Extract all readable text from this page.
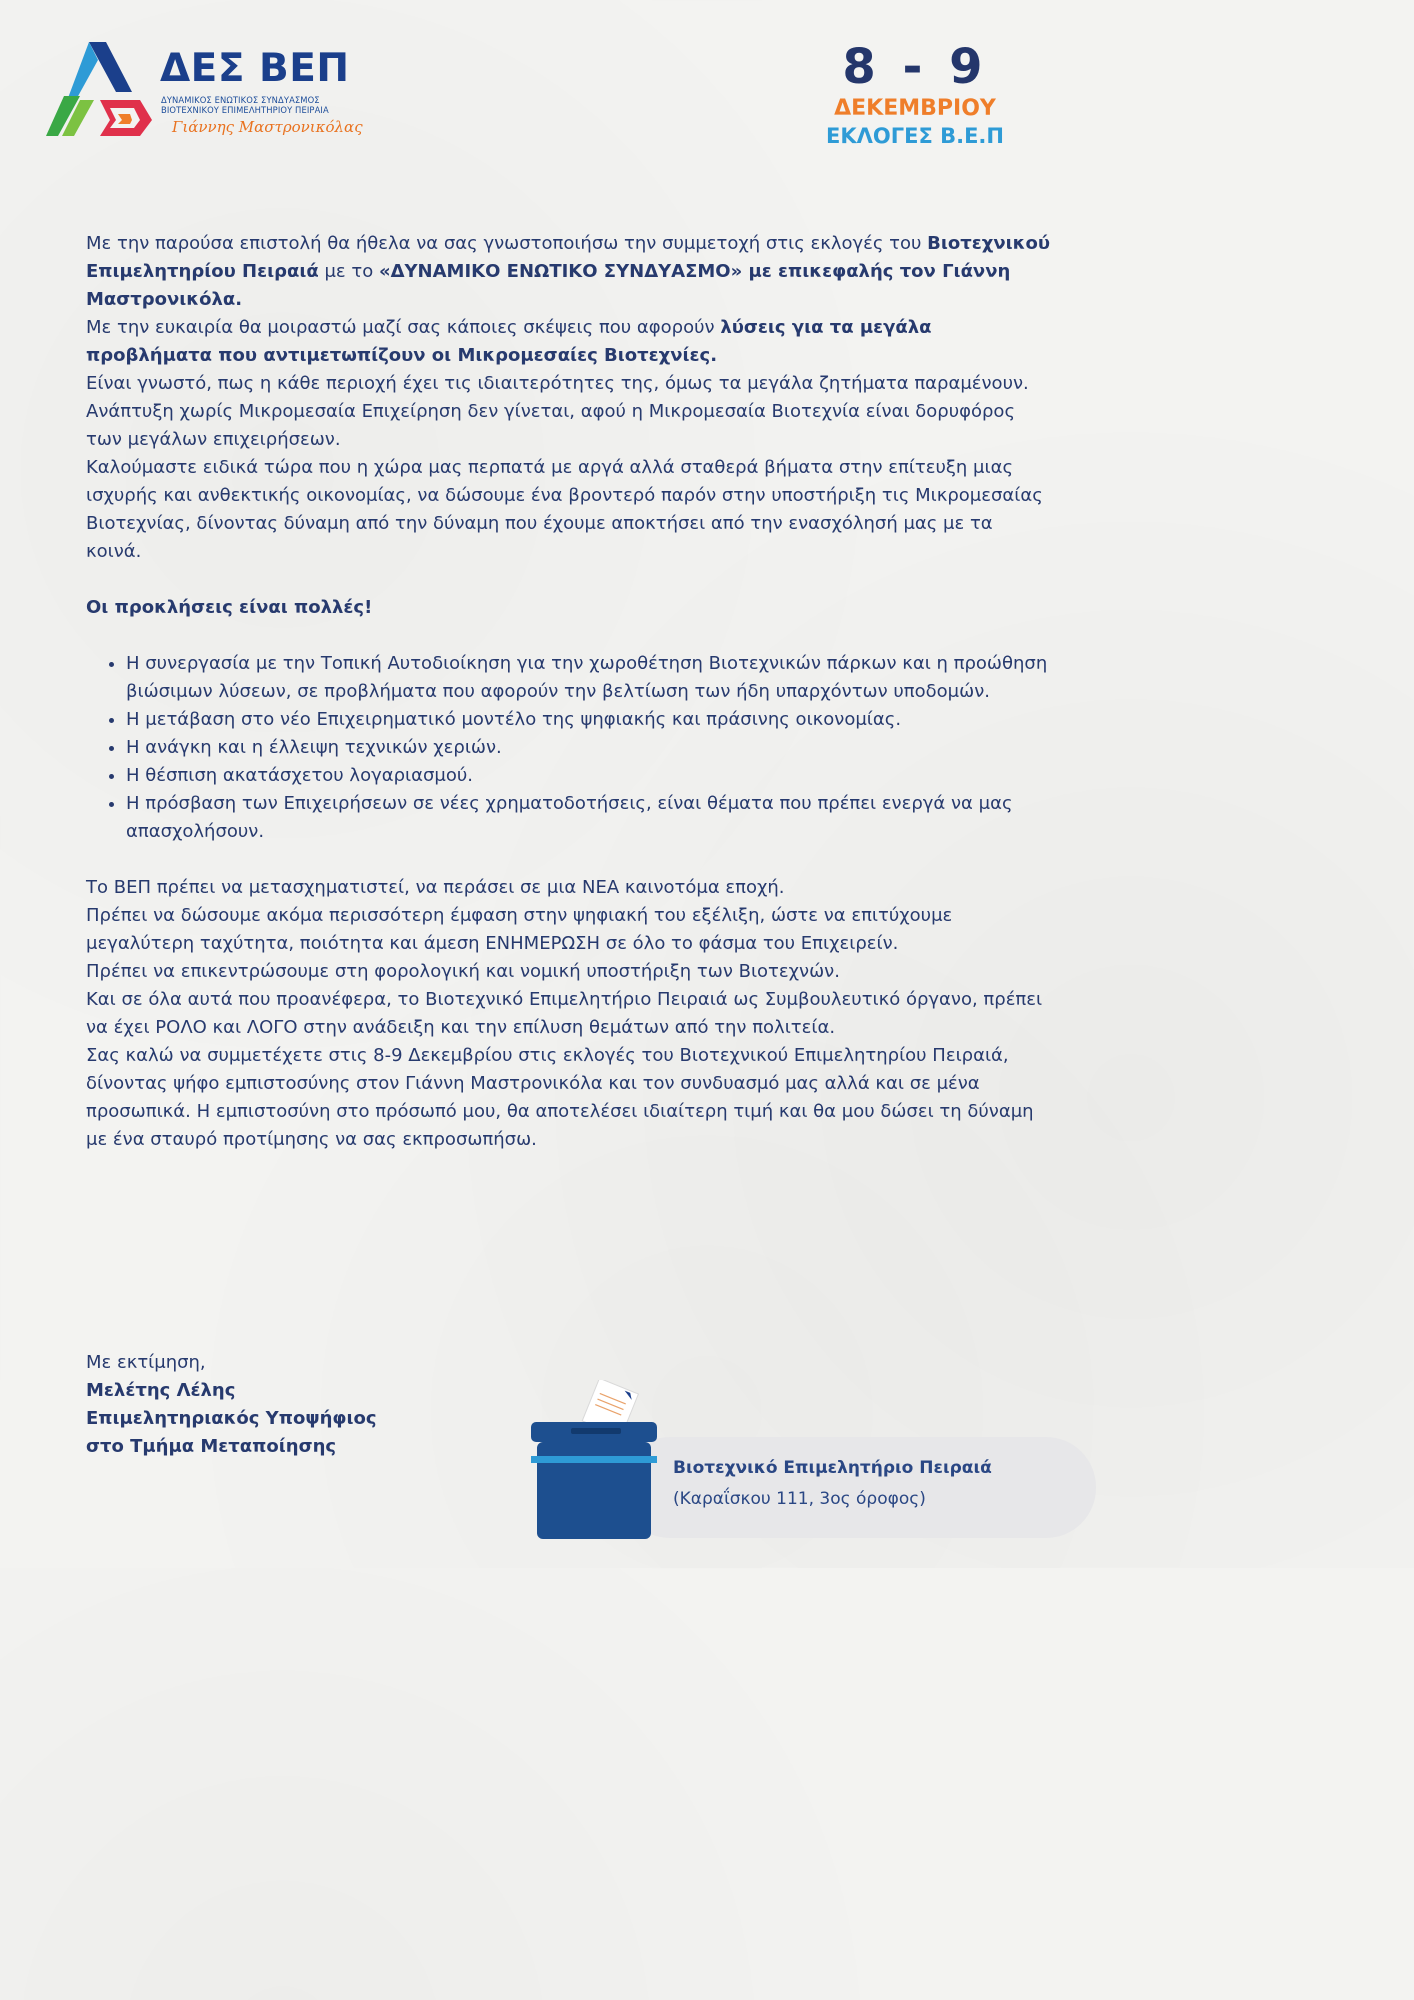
ΔΕΣ ΒΕΠ
ΔΥΝΑΜΙΚΟΣ ΕΝΩΤΙΚΟΣ ΣΥΝΔΥΑΣΜΟΣ
ΒΙΟΤΕΧΝΙΚΟΥ ΕΠΙΜΕΛΗΤΗΡΙΟΥ ΠΕΙΡΑΙΑ
Γιάννης Μαστρονικόλας
8 - 9
ΔΕΚΕΜΒΡΙΟΥ
ΕΚΛΟΓΕΣ Β.Ε.Π

Με την παρούσα επιστολή θα ήθελα να σας γνωστοποιήσω την συμμετοχή στις εκλογές του Βιοτεχνικού Επιμελητηρίου Πειραιά με το «ΔΥΝΑΜΙΚΟ ΕΝΩΤΙΚΟ ΣΥΝΔΥΑΣΜΟ» με επικεφαλής τον Γιάννη Μαστρονικόλα.

Με την ευκαιρία θα μοιραστώ μαζί σας κάποιες σκέψεις που αφορούν λύσεις για τα μεγάλα προβλήματα που αντιμετωπίζουν οι Μικρομεσαίες Βιοτεχνίες.

Είναι γνωστό, πως η κάθε περιοχή έχει τις ιδιαιτερότητες της, όμως τα μεγάλα ζητήματα παραμένουν.

Ανάπτυξη χωρίς Μικρομεσαία Επιχείρηση δεν γίνεται, αφού η Μικρομεσαία Βιοτεχνία είναι δορυφόρος των μεγάλων επιχειρήσεων.

Καλούμαστε ειδικά τώρα που η χώρα μας περπατά με αργά αλλά σταθερά βήματα στην επίτευξη μιας ισχυρής και ανθεκτικής οικονομίας, να δώσουμε ένα βροντερό παρόν στην υποστήριξη τις Μικρομεσαίας Βιοτεχνίας, δίνοντας δύναμη από την δύναμη που έχουμε αποκτήσει από την ενασχόλησή μας με τα κοινά.

Οι προκλήσεις είναι πολλές!

• Η συνεργασία με την Τοπική Αυτοδιοίκηση για την χωροθέτηση Βιοτεχνικών πάρκων και η προώθηση βιώσιμων λύσεων, σε προβλήματα που αφορούν την βελτίωση των ήδη υπαρχόντων υποδομών.
• Η μετάβαση στο νέο Επιχειρηματικό μοντέλο της ψηφιακής και πράσινης οικονομίας.
• Η ανάγκη και η έλλειψη τεχνικών χεριών.
• Η θέσπιση ακατάσχετου λογαριασμού.
• Η πρόσβαση των Επιχειρήσεων σε νέες χρηματοδοτήσεις, είναι θέματα που πρέπει ενεργά να μας απασχολήσουν.

Το ΒΕΠ πρέπει να μετασχηματιστεί, να περάσει σε μια ΝΕΑ καινοτόμα εποχή.

Πρέπει να δώσουμε ακόμα περισσότερη έμφαση στην ψηφιακή του εξέλιξη, ώστε να επιτύχουμε μεγαλύτερη ταχύτητα, ποιότητα και άμεση ΕΝΗΜΕΡΩΣΗ σε όλο το φάσμα του Επιχειρείν.

Πρέπει να επικεντρώσουμε στη φορολογική και νομική υποστήριξη των Βιοτεχνών.

Και σε όλα αυτά που προανέφερα, το Βιοτεχνικό Επιμελητήριο Πειραιά ως Συμβουλευτικό όργανο, πρέπει να έχει ΡΟΛΟ και ΛΟΓΟ στην ανάδειξη και την επίλυση θεμάτων από την πολιτεία.

Σας καλώ να συμμετέχετε στις 8-9 Δεκεμβρίου στις εκλογές του Βιοτεχνικού Επιμελητηρίου Πειραιά, δίνοντας ψήφο εμπιστοσύνης στον Γιάννη Μαστρονικόλα και τον συνδυασμό μας αλλά και σε μένα προσωπικά. Η εμπιστοσύνη στο πρόσωπό μου, θα αποτελέσει ιδιαίτερη τιμή και θα μου δώσει τη δύναμη με ένα σταυρό προτίμησης να σας εκπροσωπήσω.

Με εκτίμηση,
Μελέτης Λέλης
Επιμελητηριακός Υποψήφιος
στο Τμήμα Μεταποίησης
Βιοτεχνικό Επιμελητήριο Πειραιά
(Καραΐσκου 111, 3ος όροφος)
